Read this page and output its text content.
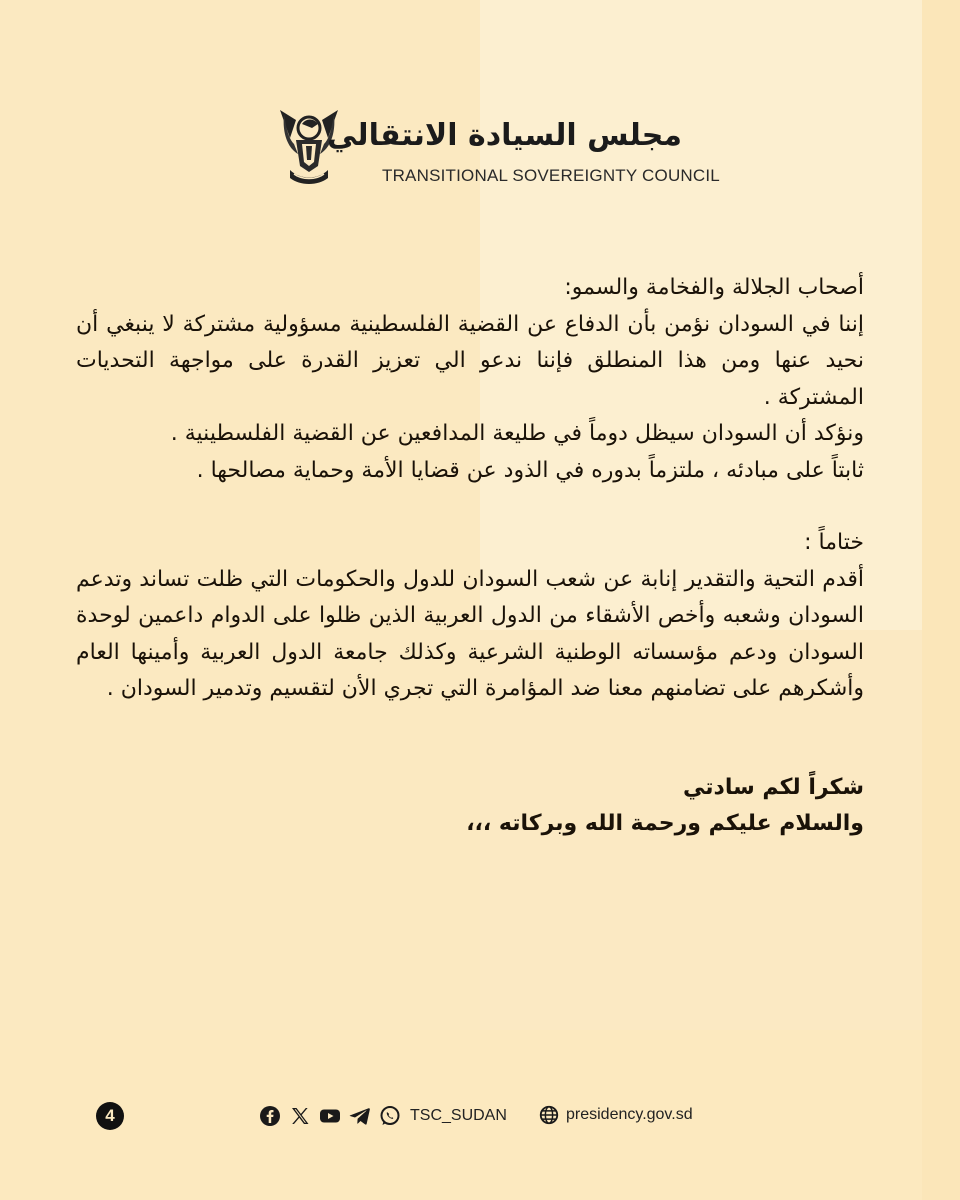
مجلس السيادة الانتقالي
TRANSITIONAL SOVEREIGNTY COUNCIL

أصحاب الجلالة والفخامة والسمو:

إننا في السودان نؤمن بأن الدفاع عن القضية الفلسطينية مسؤولية مشتركة لا ينبغي أن نحيد عنها ومن هذا المنطلق فإننا ندعو الي تعزيز القدرة على مواجهة التحديات المشتركة .

ونؤكد أن السودان سيظل دوماً في طليعة المدافعين عن القضية الفلسطينية .

ثابتاً على مبادئه ، ملتزماً بدوره في الذود عن قضايا الأمة وحماية مصالحها .

ختاماً :

أقدم التحية والتقدير إنابة عن شعب السودان للدول والحكومات التي ظلت تساند وتدعم السودان وشعبه وأخص الأشقاء من الدول العربية الذين ظلوا على الدوام داعمين لوحدة السودان ودعم مؤسساته الوطنية الشرعية وكذلك جامعة الدول العربية وأمينها العام وأشكرهم على تضامنهم معنا ضد المؤامرة التي تجري الأن لتقسيم وتدمير السودان .

شكراً لكم سادتي

والسلام عليكم ورحمة الله وبركاته ،،،

4	TSC_SUDAN	presidency.gov.sd
